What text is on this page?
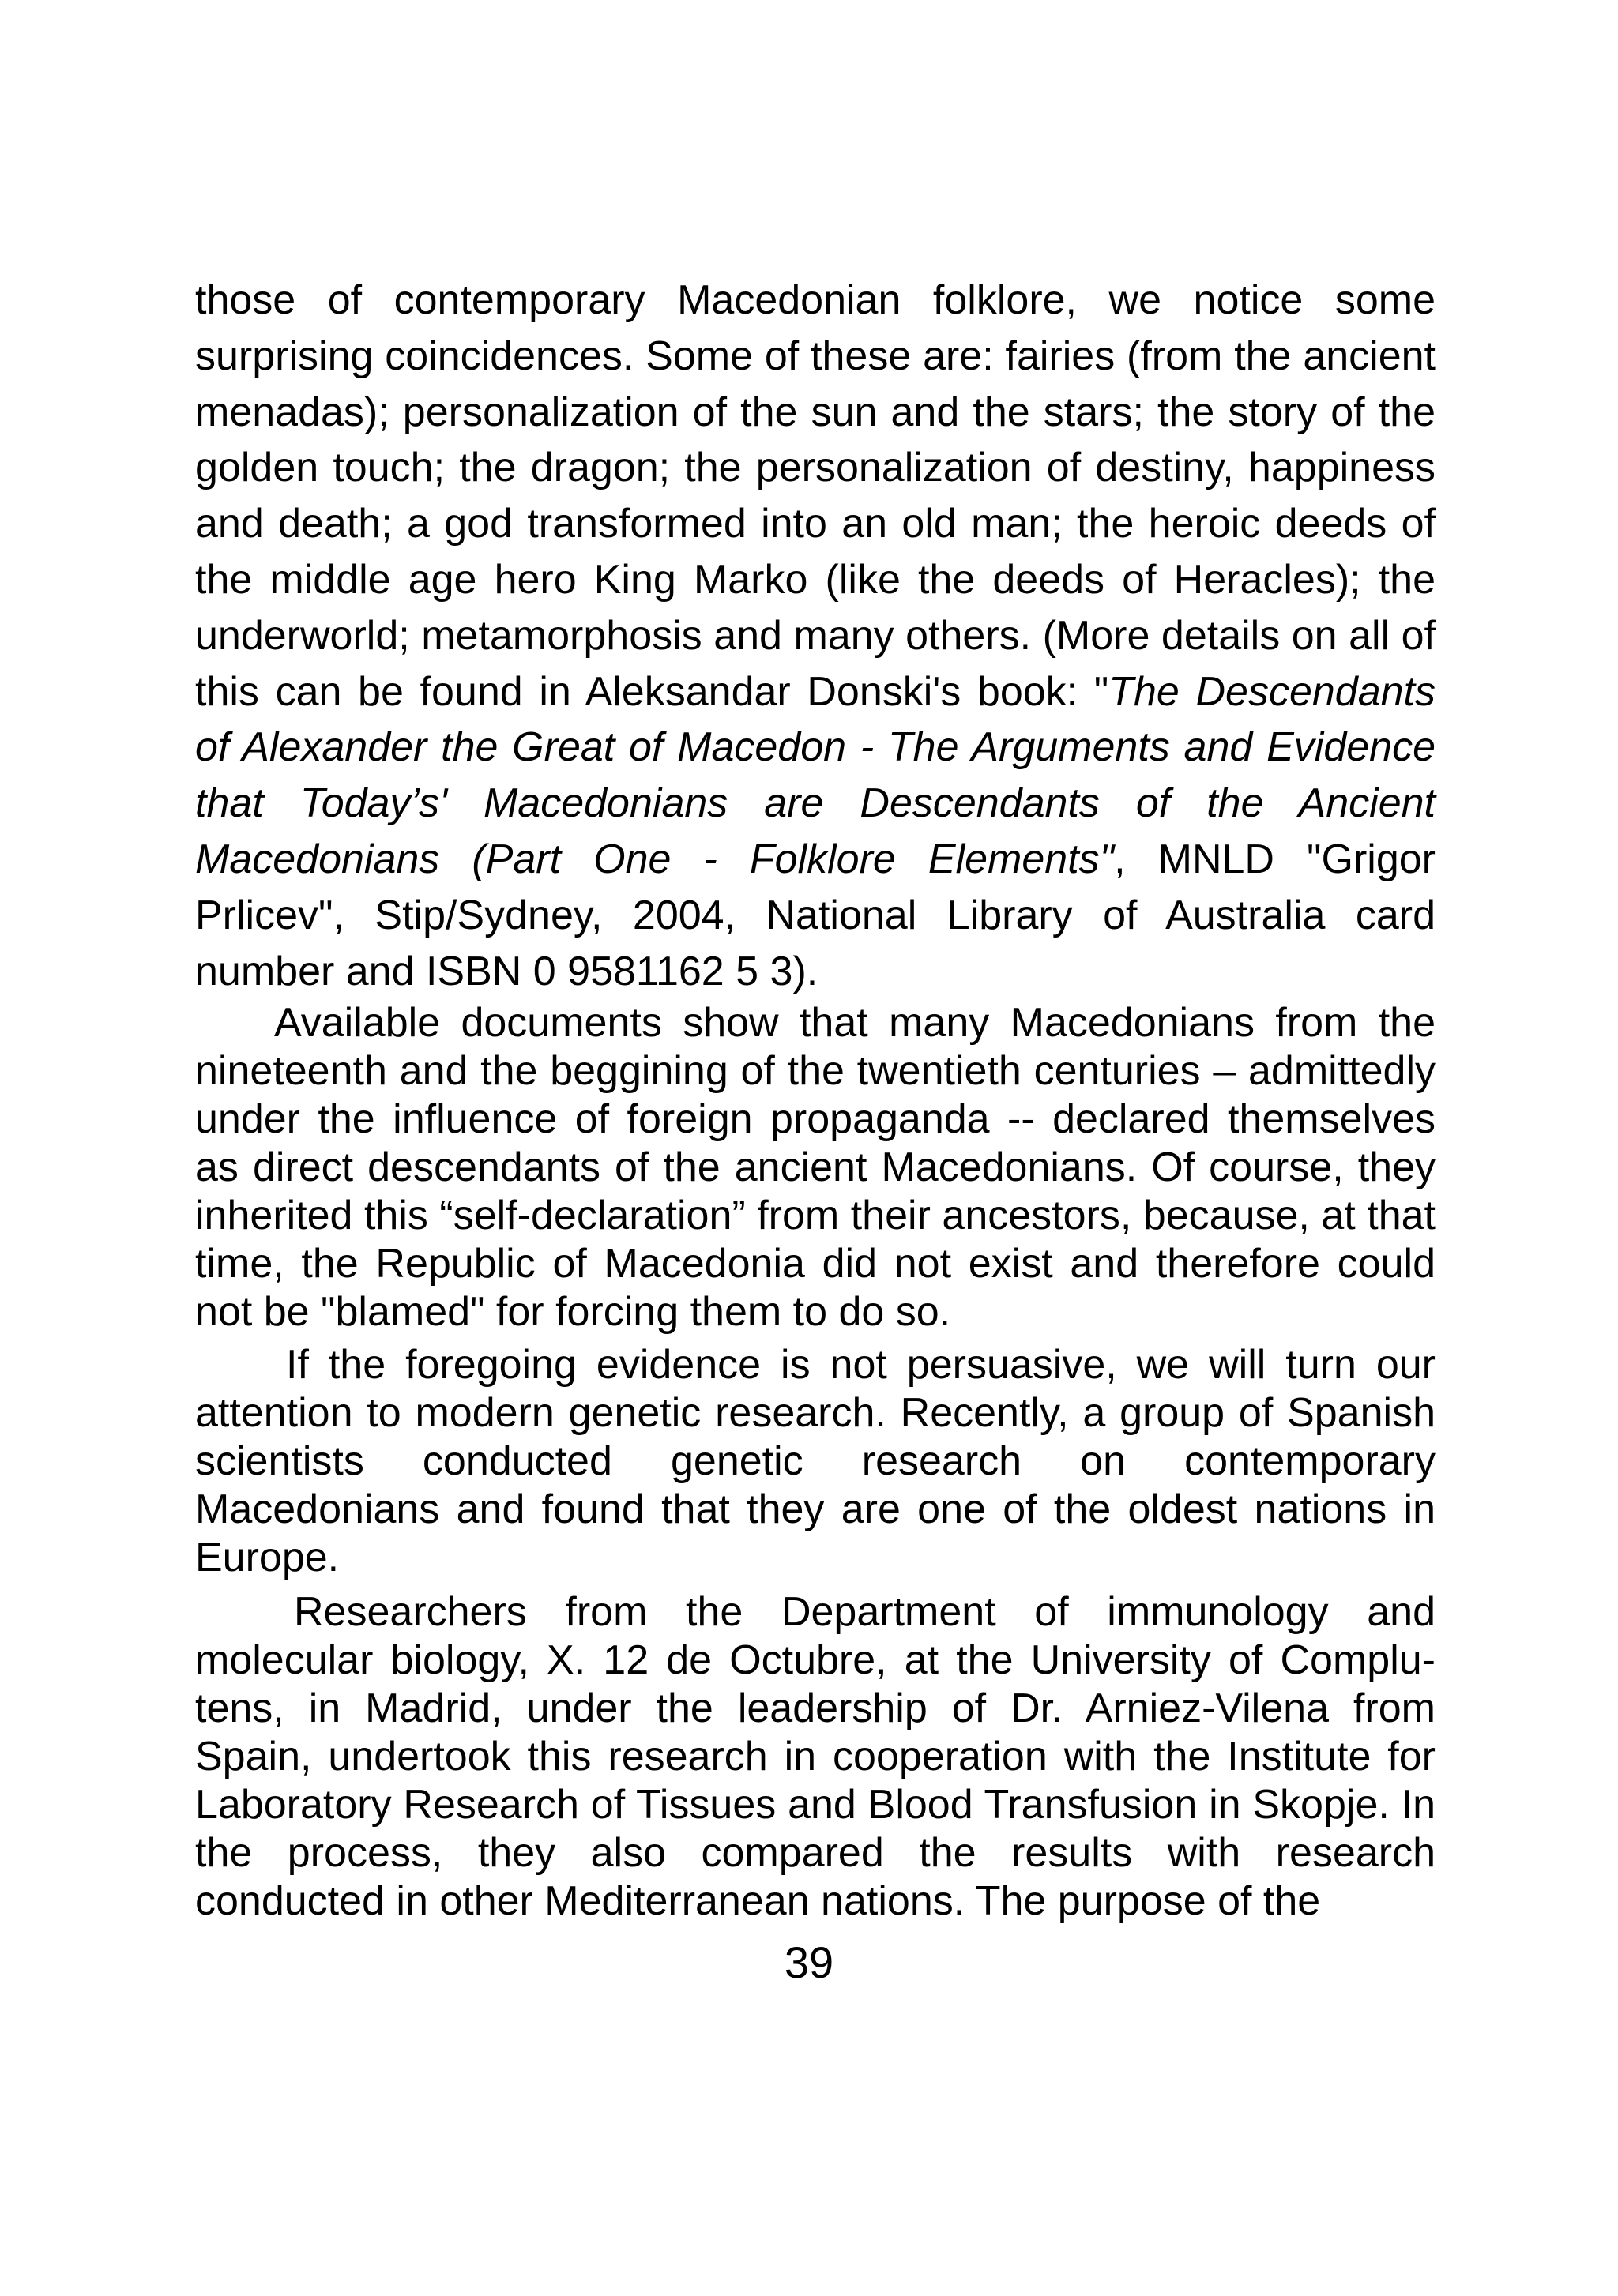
those of contemporary Macedonian folklore, we notice some surprising coincidences. Some of these are: fairies (from the ancient menadas); personalization of the sun and the stars; the story of the golden touch; the dragon; the personalization of destiny, happiness and death; a god transformed into an old man; the heroic deeds of the middle age hero King Marko (like the deeds of Heracles); the underworld; metamorphosis and many others. (More details on all of this can be found in Aleksandar Donski's book: "The Descendants of Alexander the Great of Macedon - The Arguments and Evidence that Today’s' Macedonians are Descendants of the Ancient Macedonians (Part One - Folklore Elements", MNLD "Grigor Prlicev", Stip/Sydney, 2004, National Library of Australia card number and ISBN 0 9581162 5 3).

Available documents show that many Macedonians from the nineteenth and the beggining of the twentieth centuries – admittedly under the influence of foreign propaganda -- declared themselves as direct descendants of the ancient Macedonians. Of course, they inherited this “self-declaration” from their ancestors, because, at that time, the Republic of Macedonia did not exist and therefore could not be "blamed" for forcing them to do so.

If the foregoing evidence is not persuasive, we will turn our attention to modern genetic research. Recently, a group of Spanish scientists conducted genetic research on contemporary Macedonians and found that they are one of the oldest nations in Europe.

Researchers from the Department of immunology and molecular biology, X. 12 de Octubre, at the University of Complutens, in Madrid, under the leadership of Dr. Arniez-Vilena from Spain, undertook this research in cooperation with the Institute for Laboratory Research of Tissues and Blood Transfusion in Skopje. In the process, they also compared the results with research conducted in other Mediterranean nations. The purpose of the

39
